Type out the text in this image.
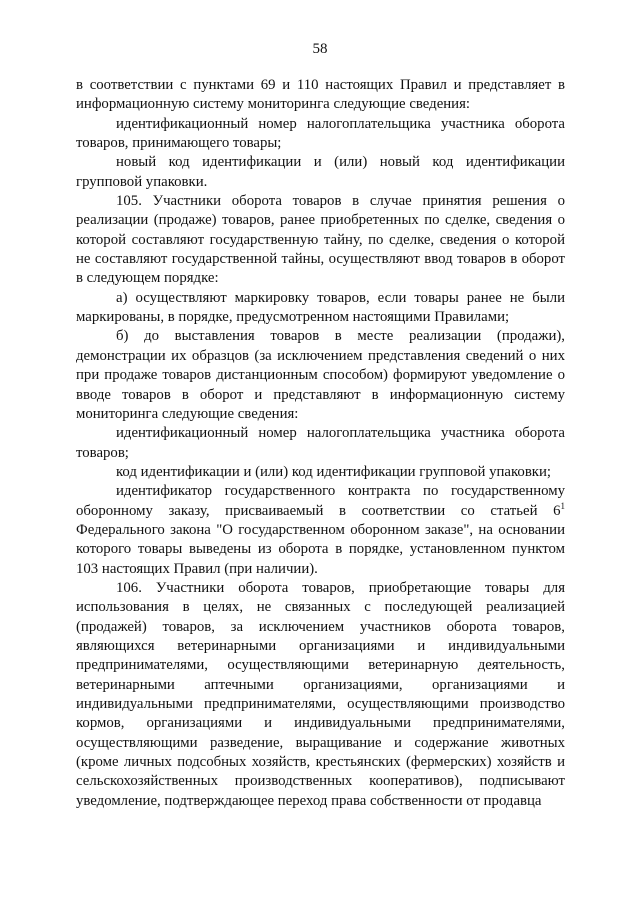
58

в соответствии с пунктами 69 и 110 настоящих Правил и представляет в информационную систему мониторинга следующие сведения:

идентификационный номер налогоплательщика участника оборота товаров, принимающего товары;

новый код идентификации и (или) новый код идентификации групповой упаковки.

105. Участники оборота товаров в случае принятия решения о реализации (продаже) товаров, ранее приобретенных по сделке, сведения о которой составляют государственную тайну, по сделке, сведения о которой не составляют государственной тайны, осуществляют ввод товаров в оборот в следующем порядке:

а) осуществляют маркировку товаров, если товары ранее не были маркированы, в порядке, предусмотренном настоящими Правилами;

б) до выставления товаров в месте реализации (продажи), демонстрации их образцов (за исключением представления сведений о них при продаже товаров дистанционным способом) формируют уведомление о вводе товаров в оборот и представляют в информационную систему мониторинга следующие сведения:

идентификационный номер налогоплательщика участника оборота товаров;

код идентификации и (или) код идентификации групповой упаковки;

идентификатор государственного контракта по государственному оборонному заказу, присваиваемый в соответствии со статьей $6^1$ Федерального закона "О государственном оборонном заказе", на основании которого товары выведены из оборота в порядке, установленном пунктом 103 настоящих Правил (при наличии).

106. Участники оборота товаров, приобретающие товары для использования в целях, не связанных с последующей реализацией (продажей) товаров, за исключением участников оборота товаров, являющихся ветеринарными организациями и индивидуальными предпринимателями, осуществляющими ветеринарную деятельность, ветеринарными аптечными организациями, организациями и индивидуальными предпринимателями, осуществляющими производство кормов, организациями и индивидуальными предпринимателями, осуществляющими разведение, выращивание и содержание животных (кроме личных подсобных хозяйств, крестьянских (фермерских) хозяйств и сельскохозяйственных производственных кооперативов), подписывают уведомление, подтверждающее переход права собственности от продавца
